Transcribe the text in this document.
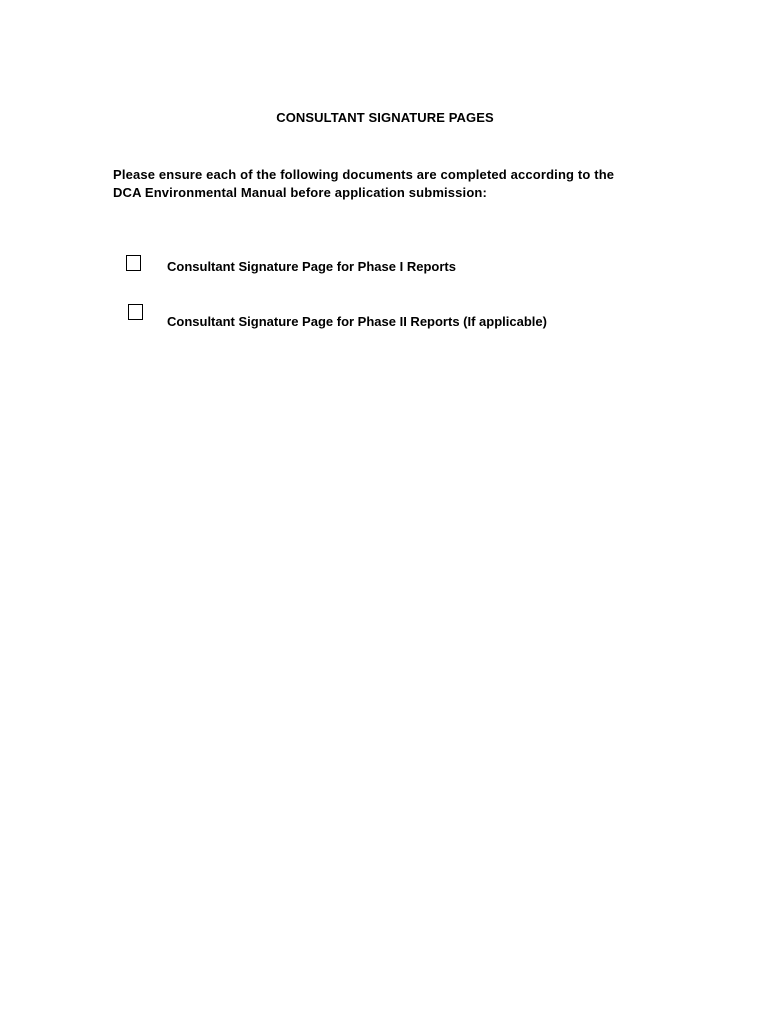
CONSULTANT SIGNATURE PAGES
Please ensure each of the following documents are completed according to the
DCA Environmental Manual before application submission:
Consultant Signature Page for Phase I Reports
Consultant Signature Page for Phase II Reports (If applicable)
